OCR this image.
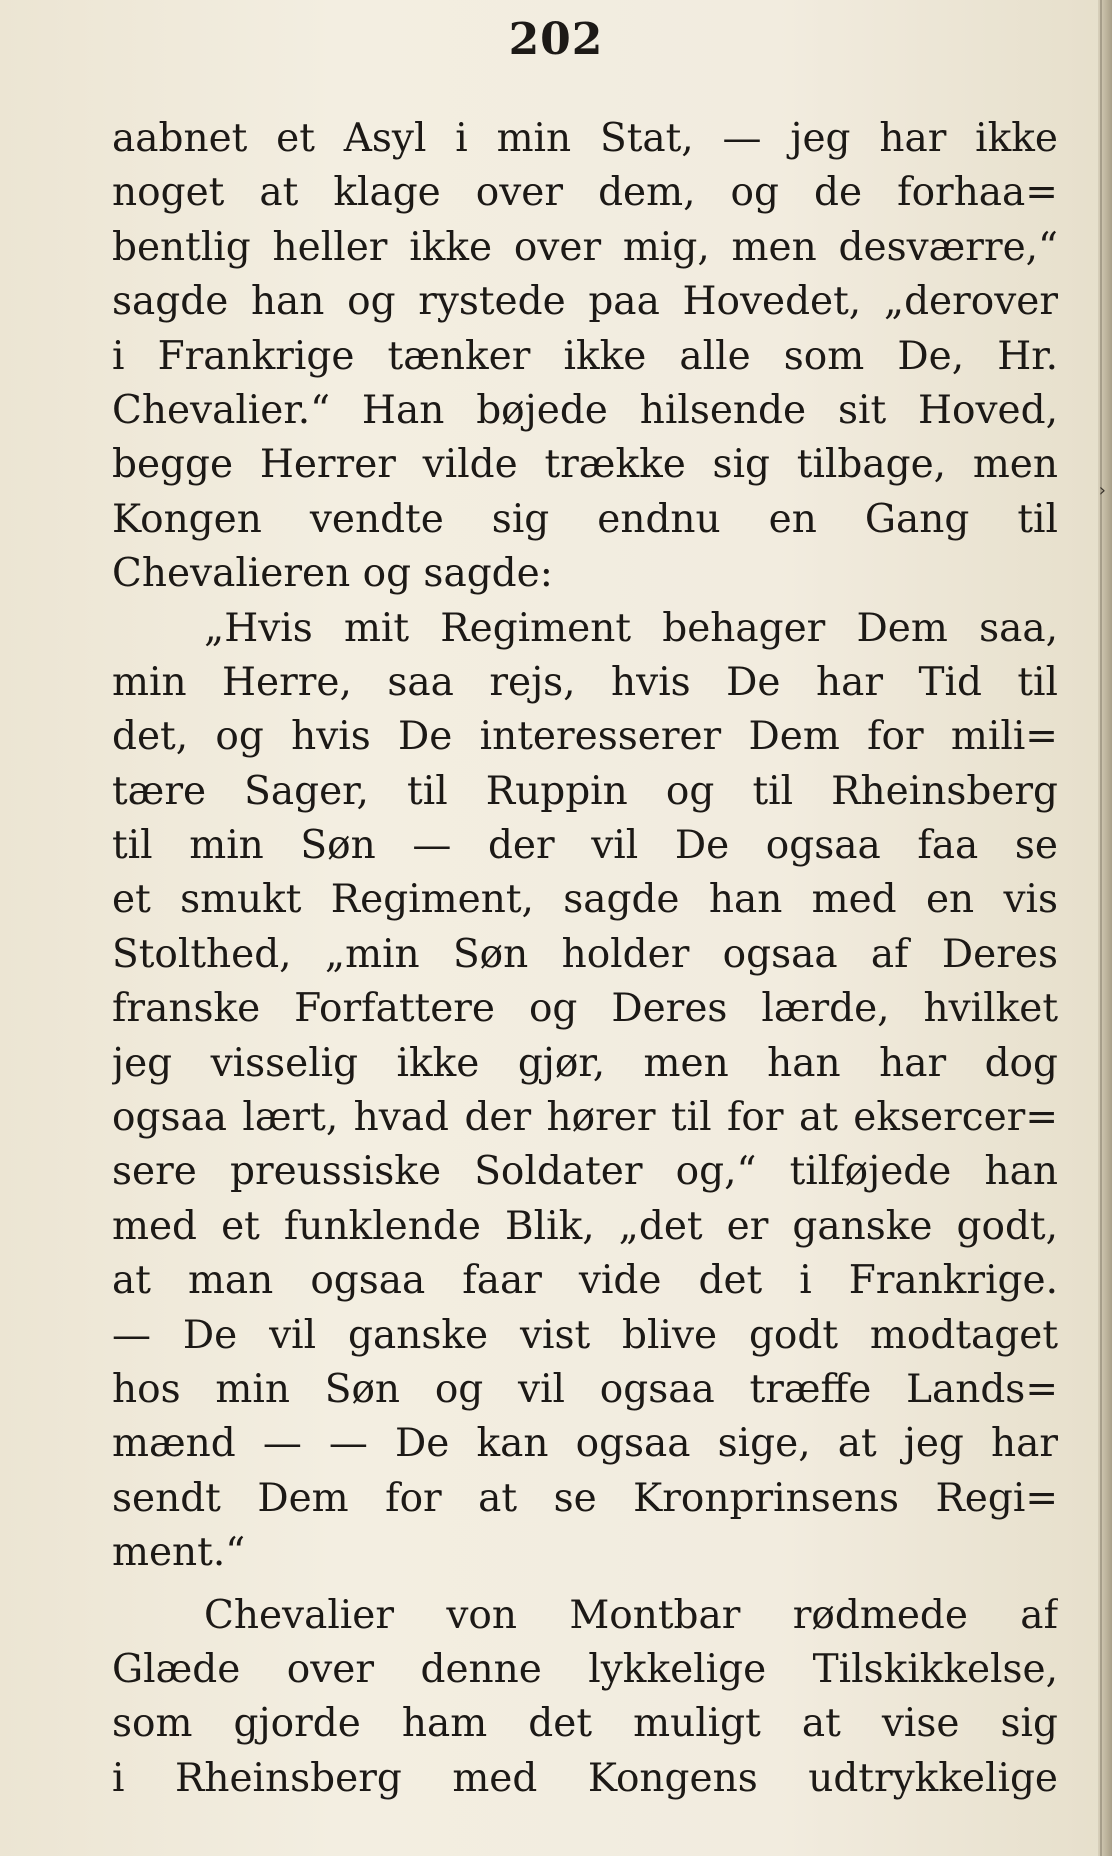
202
›
aabnet et Asyl i min Stat, — jeg har ikke
noget at klage over dem, og de forhaa=
bentlig heller ikke over mig, men desværre,“
sagde han og rystede paa Hovedet, „derover
i Frankrige tænker ikke alle som De, Hr.
Chevalier.“ Han bøjede hilsende sit Hoved,
begge Herrer vilde trække sig tilbage, men
Kongen vendte sig endnu en Gang til
Chevalieren og sagde:
„Hvis mit Regiment behager Dem saa,
min Herre, saa rejs, hvis De har Tid til
det, og hvis De interesserer Dem for mili=
tære Sager, til Ruppin og til Rheinsberg
til min Søn — der vil De ogsaa faa se
et smukt Regiment, sagde han med en vis
Stolthed, „min Søn holder ogsaa af Deres
franske Forfattere og Deres lærde, hvilket
jeg visselig ikke gjør, men han har dog
ogsaa lært, hvad der hører til for at eksercer=
sere preussiske Soldater og,“ tilføjede han
med et funklende Blik, „det er ganske godt,
at man ogsaa faar vide det i Frankrige.
— De vil ganske vist blive godt modtaget
hos min Søn og vil ogsaa træffe Lands=
mænd — — De kan ogsaa sige, at jeg har
sendt Dem for at se Kronprinsens Regi=
ment.“
Chevalier von Montbar rødmede af
Glæde over denne lykkelige Tilskikkelse,
som gjorde ham det muligt at vise sig
i Rheinsberg med Kongens udtrykkelige
